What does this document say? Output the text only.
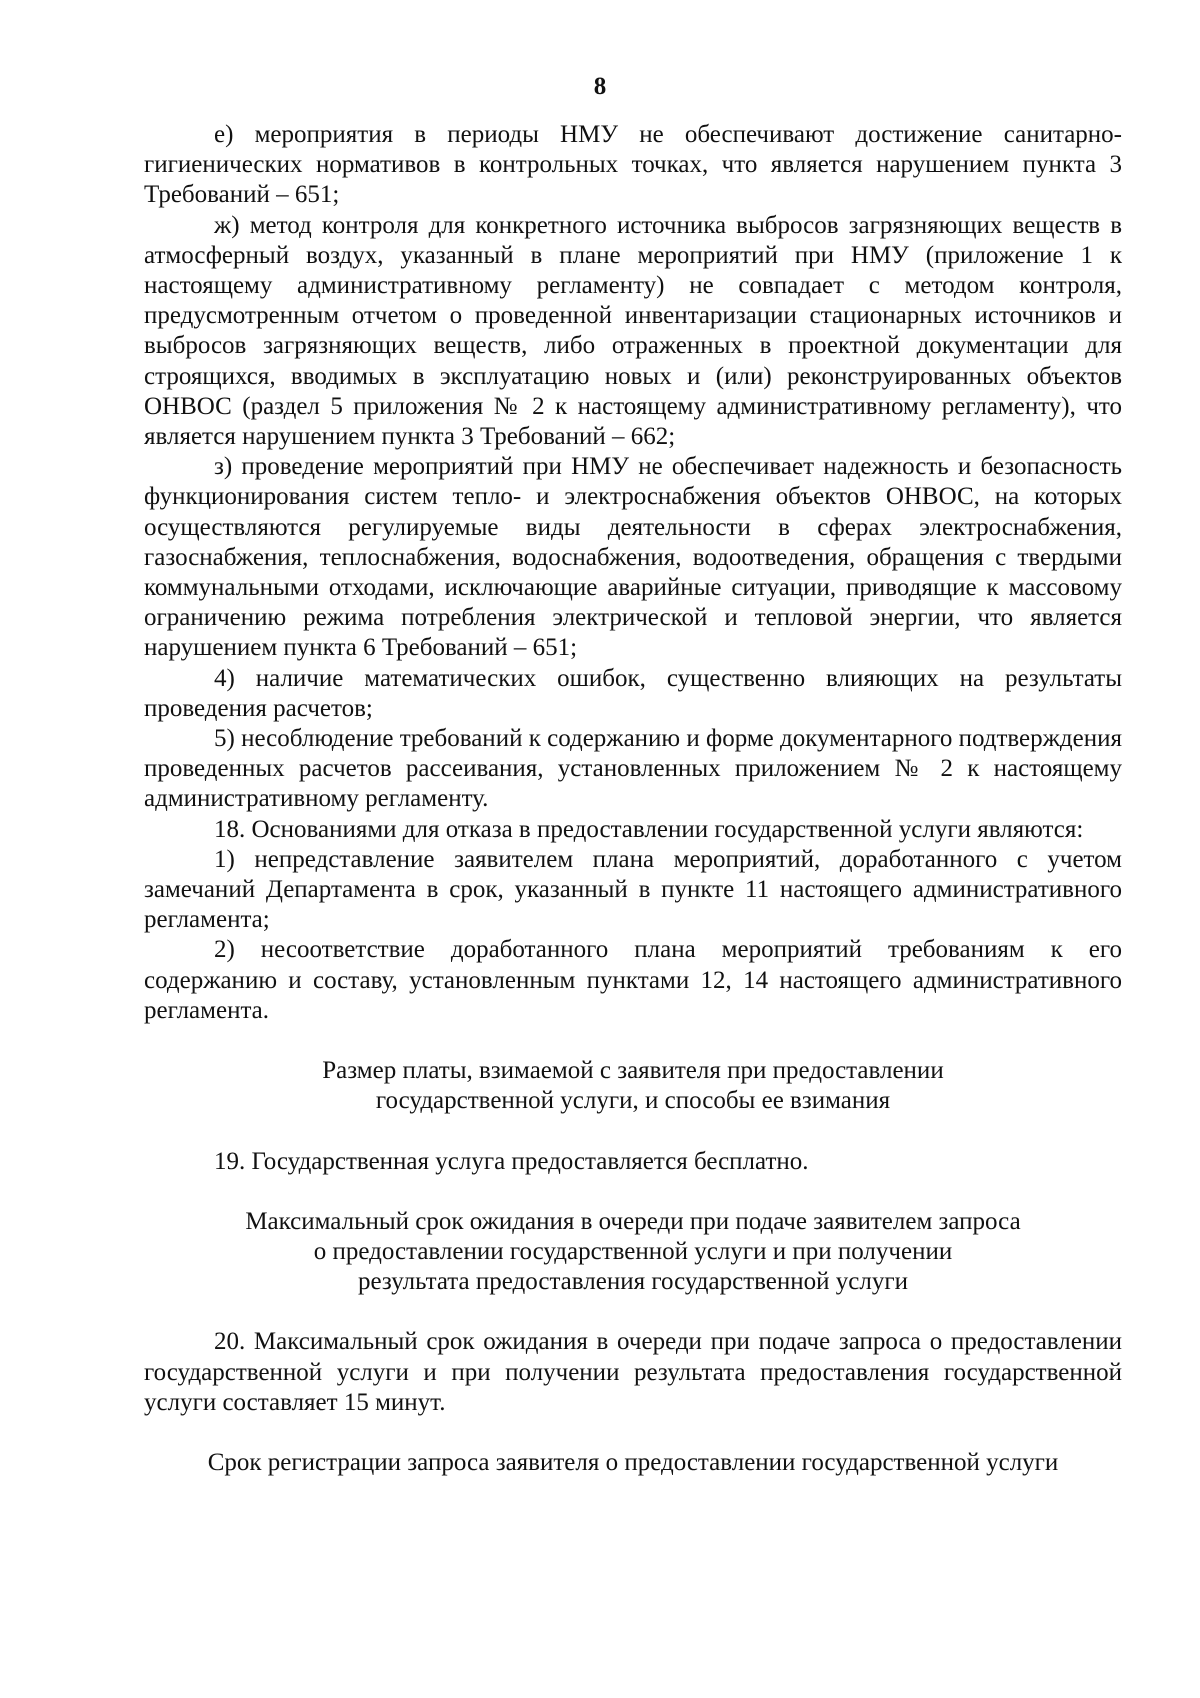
8

е) мероприятия в периоды НМУ не обеспечивают достижение санитарно-гигиенических нормативов в контрольных точках, что является нарушением пункта 3 Требований – 651;

ж) метод контроля для конкретного источника выбросов загрязняющих веществ в атмосферный воздух, указанный в плане мероприятий при НМУ (приложение 1 к настоящему административному регламенту) не совпадает с методом контроля, предусмотренным отчетом о проведенной инвентаризации стационарных источников и выбросов загрязняющих веществ, либо отраженных в проектной документации для строящихся, вводимых в эксплуатацию новых и (или) реконструированных объектов ОНВОС (раздел 5 приложения № 2 к настоящему административному регламенту), что является нарушением пункта 3 Требований – 662;

з) проведение мероприятий при НМУ не обеспечивает надежность и безопасность функционирования систем тепло- и электроснабжения объектов ОНВОС, на которых осуществляются регулируемые виды деятельности в сферах электроснабжения, газоснабжения, теплоснабжения, водоснабжения, водоотведения, обращения с твердыми коммунальными отходами, исключающие аварийные ситуации, приводящие к массовому ограничению режима потребления электрической и тепловой энергии, что является нарушением пункта 6 Требований – 651;

4) наличие математических ошибок, существенно влияющих на результаты проведения расчетов;

5) несоблюдение требований к содержанию и форме документарного подтверждения проведенных расчетов рассеивания, установленных приложением № 2 к настоящему административному регламенту.

18. Основаниями для отказа в предоставлении государственной услуги являются:

1) непредставление заявителем плана мероприятий, доработанного с учетом замечаний Департамента в срок, указанный в пункте 11 настоящего административного регламента;

2) несоответствие доработанного плана мероприятий требованиям к его содержанию и составу, установленным пунктами 12, 14 настоящего административного регламента.

Размер платы, взимаемой с заявителя при предоставлении

государственной услуги, и способы ее взимания

19. Государственная услуга предоставляется бесплатно.

Максимальный срок ожидания в очереди при подаче заявителем запроса

о предоставлении государственной услуги и при получении

результата предоставления государственной услуги

20. Максимальный срок ожидания в очереди при подаче запроса о предоставлении государственной услуги и при получении результата предоставления государственной услуги составляет 15 минут.

Срок регистрации запроса заявителя о предоставлении государственной услуги
